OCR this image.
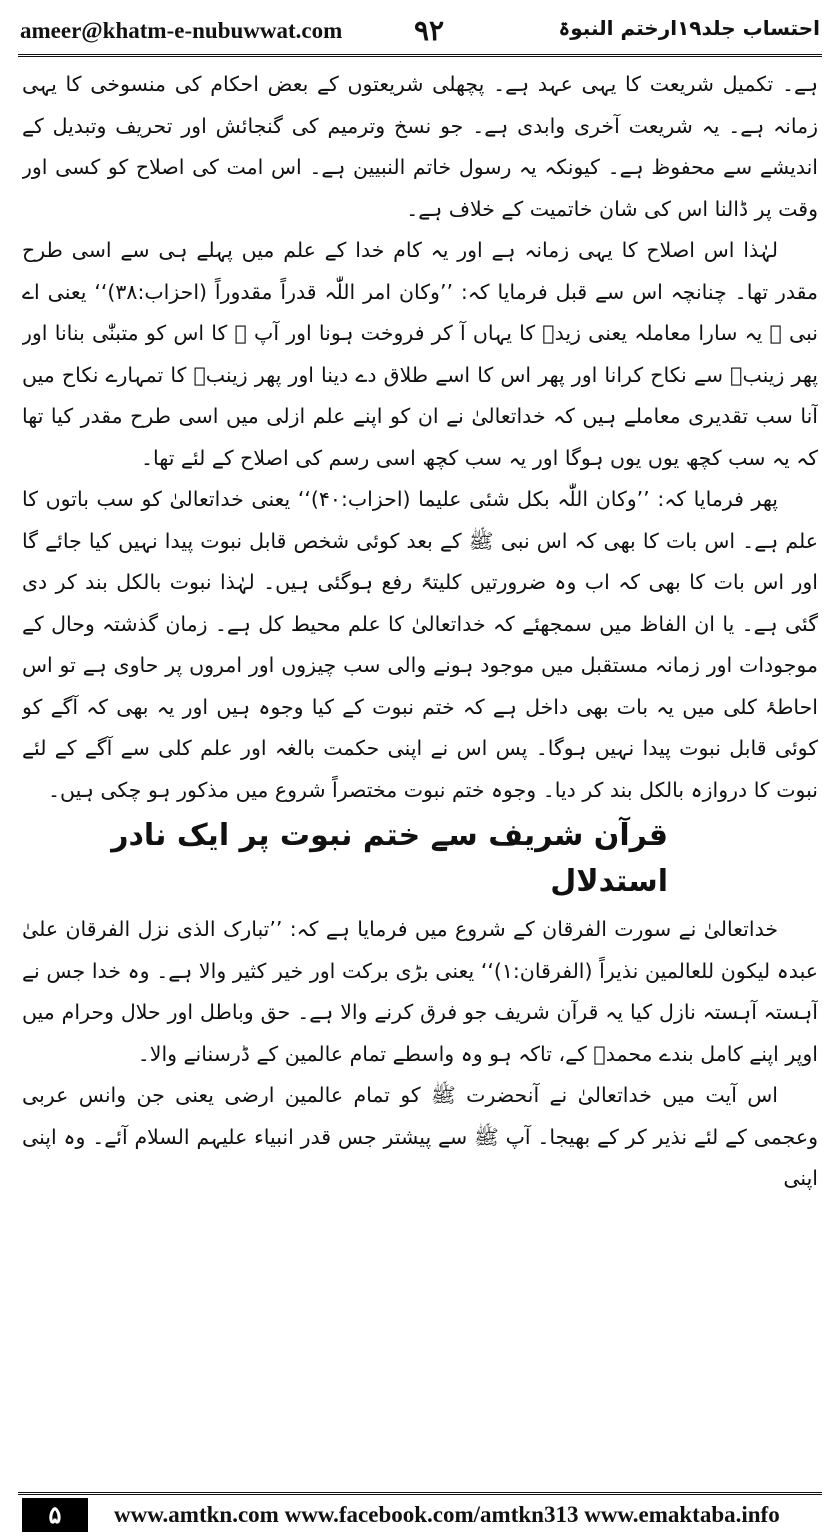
ameer@khatm-e-nubuwwat.com	۹۲	احتساب جلد۱۹ارختم النبوۃ

ہے۔ تکمیل شریعت کا یہی عہد ہے۔ پچھلی شریعتوں کے بعض احکام کی منسوخی کا یہی زمانہ ہے۔ یہ شریعت آخری وابدی ہے۔ جو نسخ وترمیم کی گنجائش اور تحریف وتبدیل کے اندیشے سے محفوظ ہے۔ کیونکہ یہ رسول خاتم النبیین ہے۔ اس امت کی اصلاح کو کسی اور وقت پر ڈالنا اس کی شان خاتمیت کے خلاف ہے۔

لہٰذا اس اصلاح کا یہی زمانہ ہے اور یہ کام خدا کے علم میں پہلے ہی سے اسی طرح مقدر تھا۔ چنانچہ اس سے قبل فرمایا کہ: ’’وکان امر اللّٰہ قدراً مقدوراً (احزاب:۳۸)‘‘ یعنی اے نبی ﷺ یہ سارا معاملہ یعنی زیدؓ کا یہاں آ کر فروخت ہونا اور آپ ﷺ کا اس کو متبنّٰی بنانا اور پھر زینبؓ سے نکاح کرانا اور پھر اس کا اسے طلاق دے دینا اور پھر زینبؓ کا تمہارے نکاح میں آنا سب تقدیری معاملے ہیں کہ خداتعالیٰ نے ان کو اپنے علم ازلی میں اسی طرح مقدر کیا تھا کہ یہ سب کچھ یوں یوں ہوگا اور یہ سب کچھ اسی رسم کی اصلاح کے لئے تھا۔

پھر فرمایا کہ: ’’وکان اللّٰہ بکل شئی علیما (احزاب:۴۰)‘‘ یعنی خداتعالیٰ کو سب باتوں کا علم ہے۔ اس بات کا بھی کہ اس نبی ﷺ کے بعد کوئی شخص قابل نبوت پیدا نہیں کیا جائے گا اور اس بات کا بھی کہ اب وہ ضرورتیں کلیتہً رفع ہوگئی ہیں۔ لہٰذا نبوت بالکل بند کر دی گئی ہے۔ یا ان الفاظ میں سمجھئے کہ خداتعالیٰ کا علم محیط کل ہے۔ زمان گذشتہ وحال کے موجودات اور زمانہ مستقبل میں موجود ہونے والی سب چیزوں اور امروں پر حاوی ہے تو اس احاطۂ کلی میں یہ بات بھی داخل ہے کہ ختم نبوت کے کیا وجوہ ہیں اور یہ بھی کہ آگے کو کوئی قابل نبوت پیدا نہیں ہوگا۔ پس اس نے اپنی حکمت بالغہ اور علم کلی سے آگے کے لئے نبوت کا دروازہ بالکل بند کر دیا۔ وجوہ ختم نبوت مختصراً شروع میں مذکور ہو چکی ہیں۔

قرآن شریف سے ختم نبوت پر ایک نادر استدلال

خداتعالیٰ نے سورت الفرقان کے شروع میں فرمایا ہے کہ: ’’تبارک الذی نزل الفرقان علیٰ عبدہ لیکون للعالمین نذیراً (الفرقان:۱)‘‘ یعنی بڑی برکت اور خیر کثیر والا ہے۔ وہ خدا جس نے آہستہ آہستہ نازل کیا یہ قرآن شریف جو فرق کرنے والا ہے۔ حق وباطل اور حلال وحرام میں اوپر اپنے کامل بندے محمدؐ کے، تاکہ ہو وہ واسطے تمام عالمین کے ڈرسنانے والا۔

اس آیت میں خداتعالیٰ نے آنحضرت ﷺ کو تمام عالمین ارضی یعنی جن وانس عربی وعجمی کے لئے نذیر کر کے بھیجا۔ آپ ﷺ سے پیشتر جس قدر انبیاء علیہم السلام آئے۔ وہ اپنی اپنی

۵	www.amtkn.com www.facebook.com/amtkn313 www.emaktaba.info
